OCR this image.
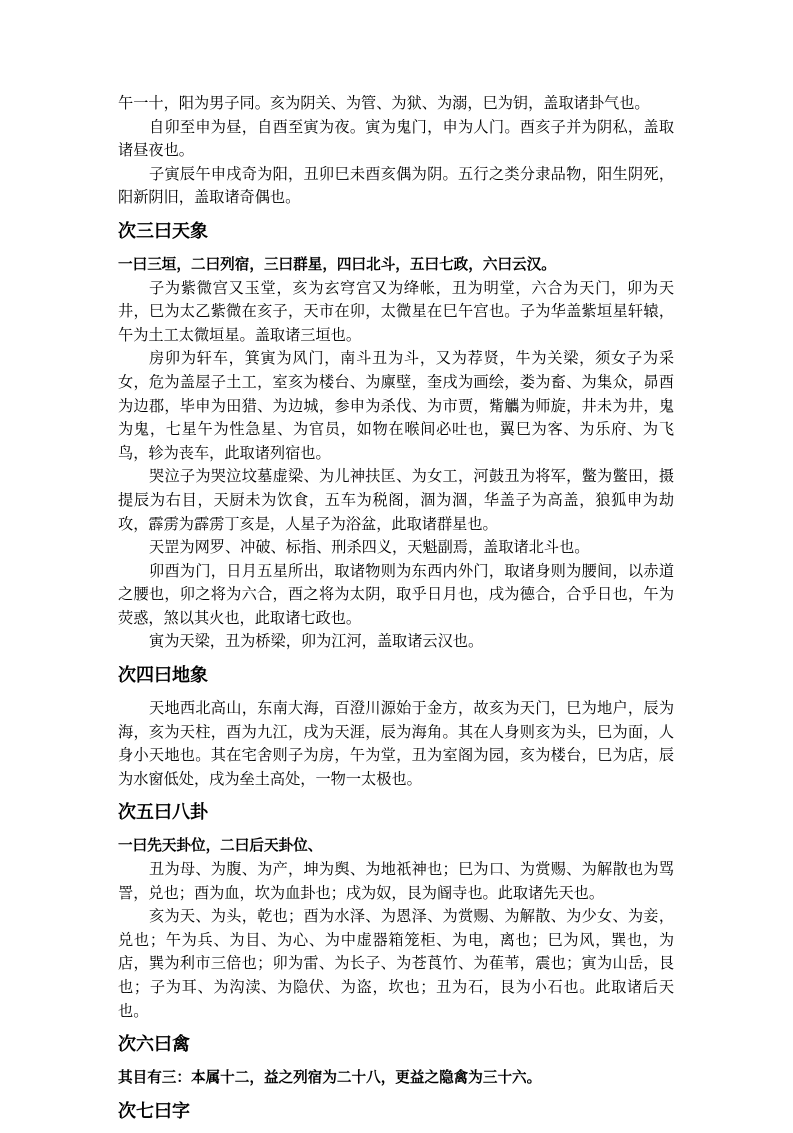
午一十，阳为男子同。亥为阴关、为管、为狱、为溺，巳为钥，盖取诸卦气也。

自卯至申为昼，自酉至寅为夜。寅为鬼门，申为人门。酉亥子并为阴私，盖取诸昼夜也。

子寅辰午申戌奇为阳，丑卯巳未酉亥偶为阴。五行之类分隶品物，阳生阴死，阳新阴旧，盖取诸奇偶也。

次三曰天象
一曰三垣，二曰列宿，三曰群星，四曰北斗，五曰七政，六曰云汉。

子为紫微宫又玉堂，亥为玄穹宫又为绛帐，丑为明堂，六合为天门，卯为天井，巳为太乙紫微在亥子，天市在卯，太微星在巳午宫也。子为华盖紫垣星轩辕，午为土工太微垣星。盖取诸三垣也。

房卯为轩车，箕寅为风门，南斗丑为斗，又为荐贤，牛为关梁，须女子为采女，危为盖屋子土工，室亥为楼台、为廪壁，奎戌为画绘，娄为畜、为集众，昴酉为边郡，毕申为田猎、为边城，参申为杀伐、为市贾，觜觿为师旋，井未为井，鬼为鬼，七星午为性急星、为官员，如物在喉间必吐也，翼巳为客、为乐府、为飞鸟，轸为丧车，此取诸列宿也。

哭泣子为哭泣坟墓虚梁、为儿神扶匡、为女工，河鼓丑为将军，鳖为鳖田，摄提辰为右目，天厨未为饮食，五车为税阁，涸为涸，华盖子为高盖，狼狐申为劫攻，霹雳为霹雳丁亥是，人星子为浴盆，此取诸群星也。

天罡为网罗、冲破、标指、刑杀四义，天魁副焉，盖取诸北斗也。

卯酉为门，日月五星所出，取诸物则为东西内外门，取诸身则为腰间，以赤道之腰也，卯之将为六合，酉之将为太阴，取乎日月也，戌为德合，合乎日也，午为荧惑，煞以其火也，此取诸七政也。

寅为天梁，丑为桥梁，卯为江河，盖取诸云汉也。

次四曰地象

天地西北高山，东南大海，百澄川源始于金方，故亥为天门，巳为地户，辰为海，亥为天柱，酉为九江，戌为天涯，辰为海角。其在人身则亥为头，巳为面，人身小天地也。其在宅舍则子为房，午为堂，丑为室阁为园，亥为楼台，巳为店，辰为水窗低处，戌为垒土高处，一物一太极也。

次五曰八卦
一曰先天卦位，二曰后天卦位、

丑为母、为腹、为产，坤为舆、为地祇神也；巳为口、为赏赐、为解散也为骂詈，兑也；酉为血，坎为血卦也；戌为奴，艮为阍寺也。此取诸先天也。

亥为天、为头，乾也；酉为水泽、为恩泽、为赏赐、为解散、为少女、为妾，兑也；午为兵、为目、为心、为中虚器箱笼柜、为电，离也；巳为风，巽也，为店，巽为利市三倍也；卯为雷、为长子、为苍莨竹、为萑苇，震也；寅为山岳，艮也；子为耳、为沟渎、为隐伏、为盗，坎也；丑为石，艮为小石也。此取诸后天也。

次六曰禽
其目有三：本属十二，益之列宿为二十八，更益之隐禽为三十六。
次七曰字
